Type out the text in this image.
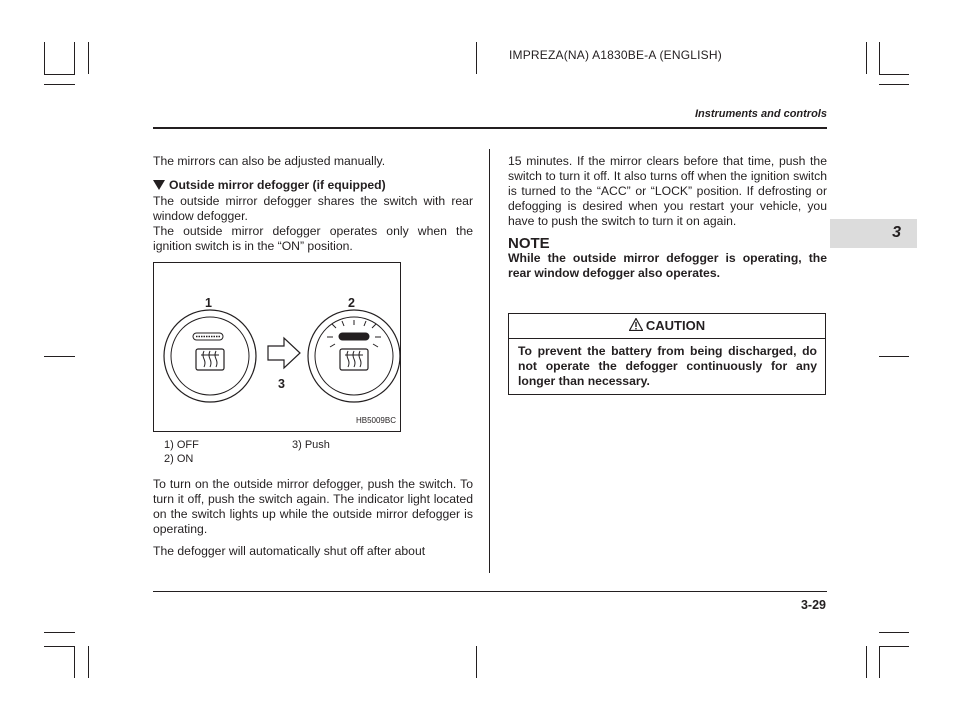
IMPREZA(NA) A1830BE-A (ENGLISH)
Instruments and controls
3

The mirrors can also be adjusted manually.

Outside mirror defogger (if equipped)

The outside mirror defogger shares the switch with rear window defogger.

The outside mirror defogger operates only when the ignition switch is in the “ON” position.

1	2
3
HB5009BC
1) OFF
2) ON
3) Push

To turn on the outside mirror defogger, push the switch. To turn it off, push the switch again. The indicator light located on the switch lights up while the outside mirror defogger is operating.

The defogger will automatically shut off after about

15 minutes. If the mirror clears before that time, push the switch to turn it off. It also turns off when the ignition switch is turned to the “ACC” or “LOCK” position. If defrosting or defogging is desired when you restart your vehicle, you have to push the switch to turn it on again.

NOTE

While the outside mirror defogger is operating, the rear window defogger also operates.

CAUTION
To prevent the battery from being discharged, do not operate the defogger continuously for any longer than necessary.
3-29
